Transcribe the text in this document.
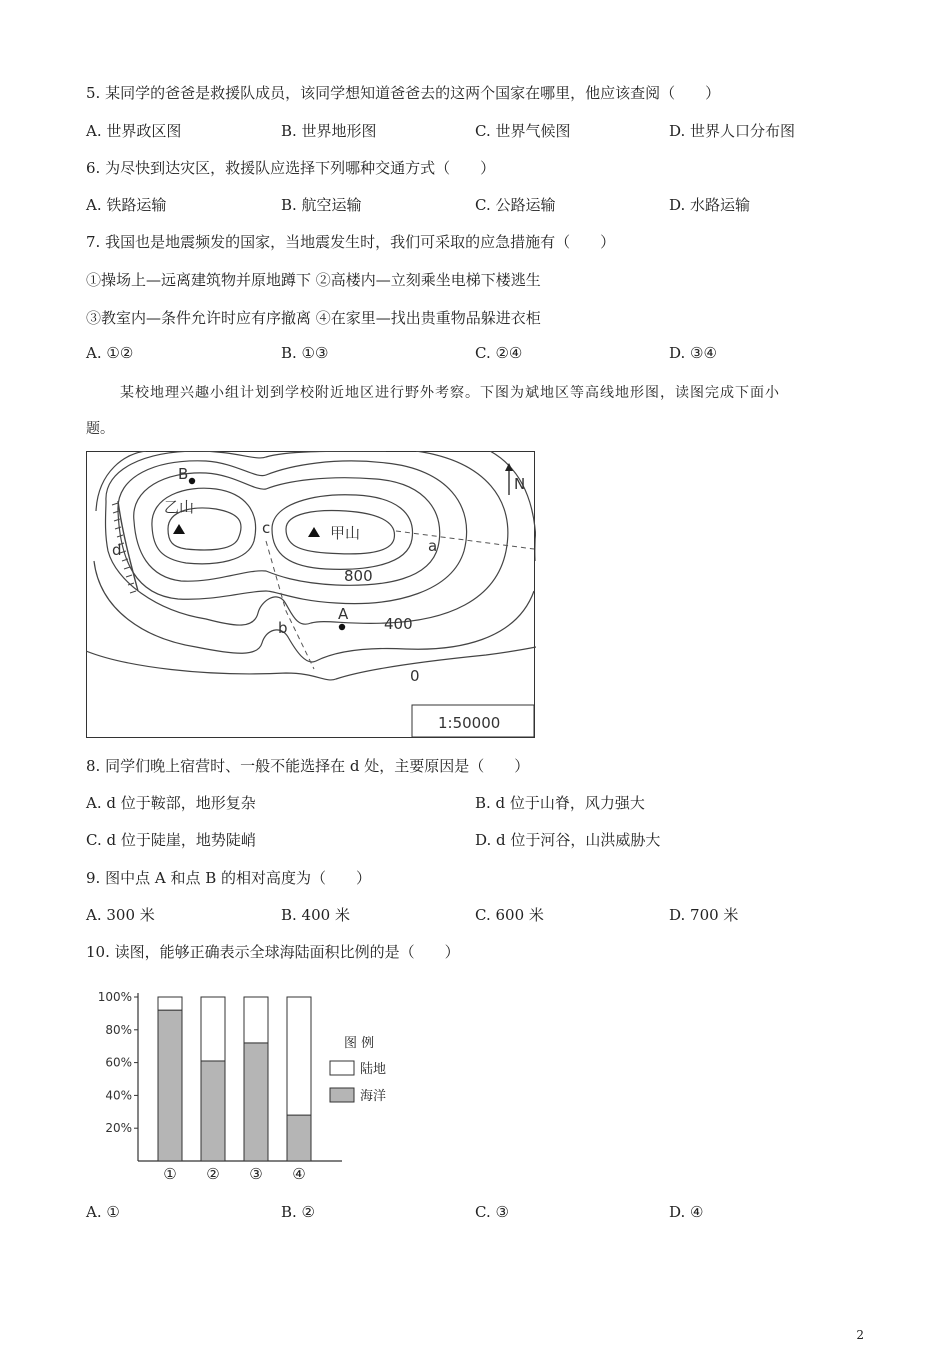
5. 某同学的爸爸是救援队成员，该同学想知道爸爸去的这两个国家在哪里，他应该查阅（　　）
A. 世界政区图	B. 世界地形图	C. 世界气候图	D. 世界人口分布图
6. 为尽快到达灾区，救援队应选择下列哪种交通方式（　　）
A. 铁路运输	B. 航空运输	C. 公路运输	D. 水路运输
7. 我国也是地震频发的国家，当地震发生时，我们可采取的应急措施有（　　）
①操场上—远离建筑物并原地蹲下 ②高楼内—立刻乘坐电梯下楼逃生
③教室内—条件允许时应有序撤离 ④在家里—找出贵重物品躲进衣柜
A. ①②	B. ①③	C. ②④	D. ③④
某校地理兴趣小组计划到学校附近地区进行野外考察。下图为斌地区等高线地形图，读图完成下面小
题。
B
乙山
c	甲山
a
d
N
800
A
400
b
0
1:50000
8. 同学们晚上宿营时、一般不能选择在 d 处，主要原因是（　　）
A. d 位于鞍部，地形复杂	B. d 位于山脊，风力强大
C. d 位于陡崖，地势陡峭	D. d 位于河谷，山洪威胁大
9. 图中点 A 和点 B 的相对高度为（　　）
A. 300 米	B. 400 米	C. 600 米	D. 700 米
10. 读图，能够正确表示全球海陆面积比例的是（　　）
20%
40%
60%
80%
100%
① ② ③ ④
图 例
陆地
海洋
A. ①	B. ②	C. ③	D. ④
2
